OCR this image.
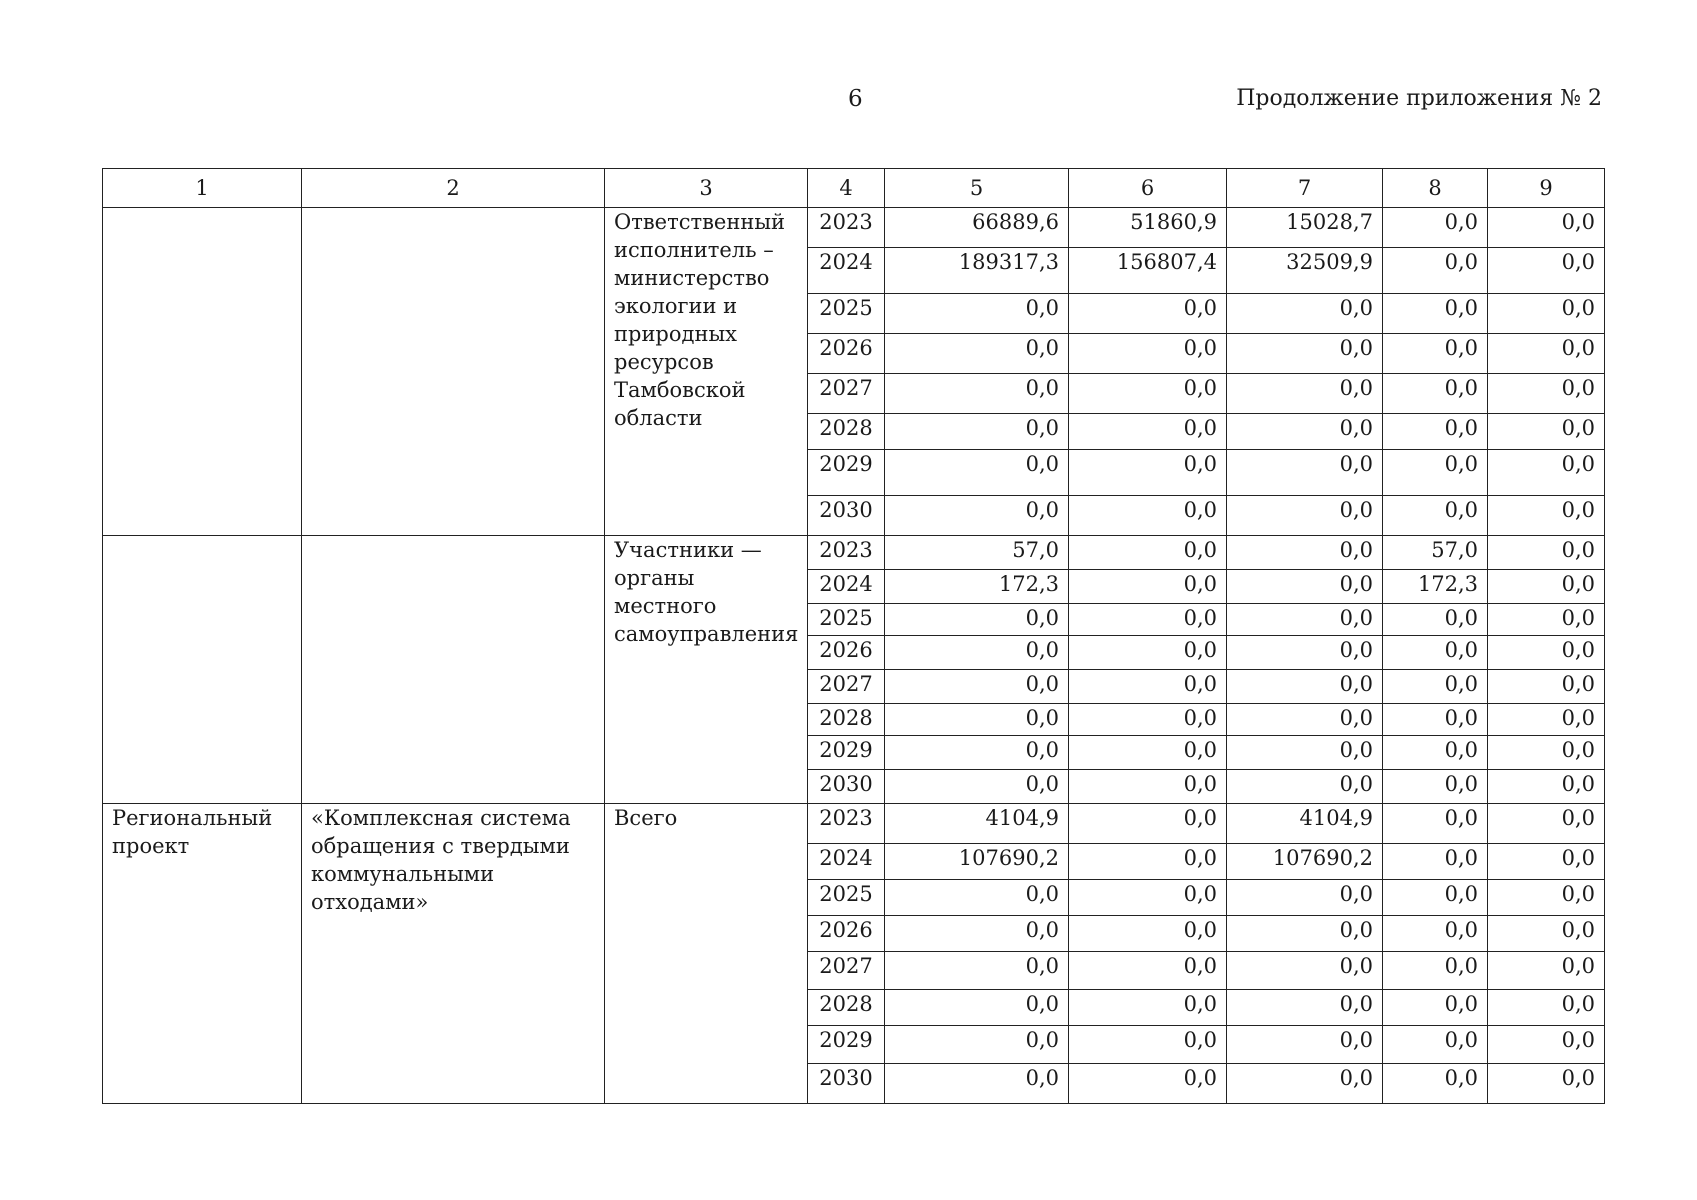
6	Продолжение приложения № 2
1	2	3	4	5	6	7	8	9
		Ответственный исполнитель – министерство экологии и природных ресурсов Тамбовской области	2023	66889,6	51860,9	15028,7	0,0	0,0
			2024	189317,3	156807,4	32509,9	0,0	0,0
			2025	0,0	0,0	0,0	0,0	0,0
			2026	0,0	0,0	0,0	0,0	0,0
			2027	0,0	0,0	0,0	0,0	0,0
			2028	0,0	0,0	0,0	0,0	0,0
			2029	0,0	0,0	0,0	0,0	0,0
			2030	0,0	0,0	0,0	0,0	0,0
		Участники — органы местного самоуправления	2023	57,0	0,0	0,0	57,0	0,0
			2024	172,3	0,0	0,0	172,3	0,0
			2025	0,0	0,0	0,0	0,0	0,0
			2026	0,0	0,0	0,0	0,0	0,0
			2027	0,0	0,0	0,0	0,0	0,0
			2028	0,0	0,0	0,0	0,0	0,0
			2029	0,0	0,0	0,0	0,0	0,0
			2030	0,0	0,0	0,0	0,0	0,0
Региональный проект	«Комплексная система обращения с твердыми коммунальными отходами»	Всего	2023	4104,9	0,0	4104,9	0,0	0,0
			2024	107690,2	0,0	107690,2	0,0	0,0
			2025	0,0	0,0	0,0	0,0	0,0
			2026	0,0	0,0	0,0	0,0	0,0
			2027	0,0	0,0	0,0	0,0	0,0
			2028	0,0	0,0	0,0	0,0	0,0
			2029	0,0	0,0	0,0	0,0	0,0
			2030	0,0	0,0	0,0	0,0	0,0
